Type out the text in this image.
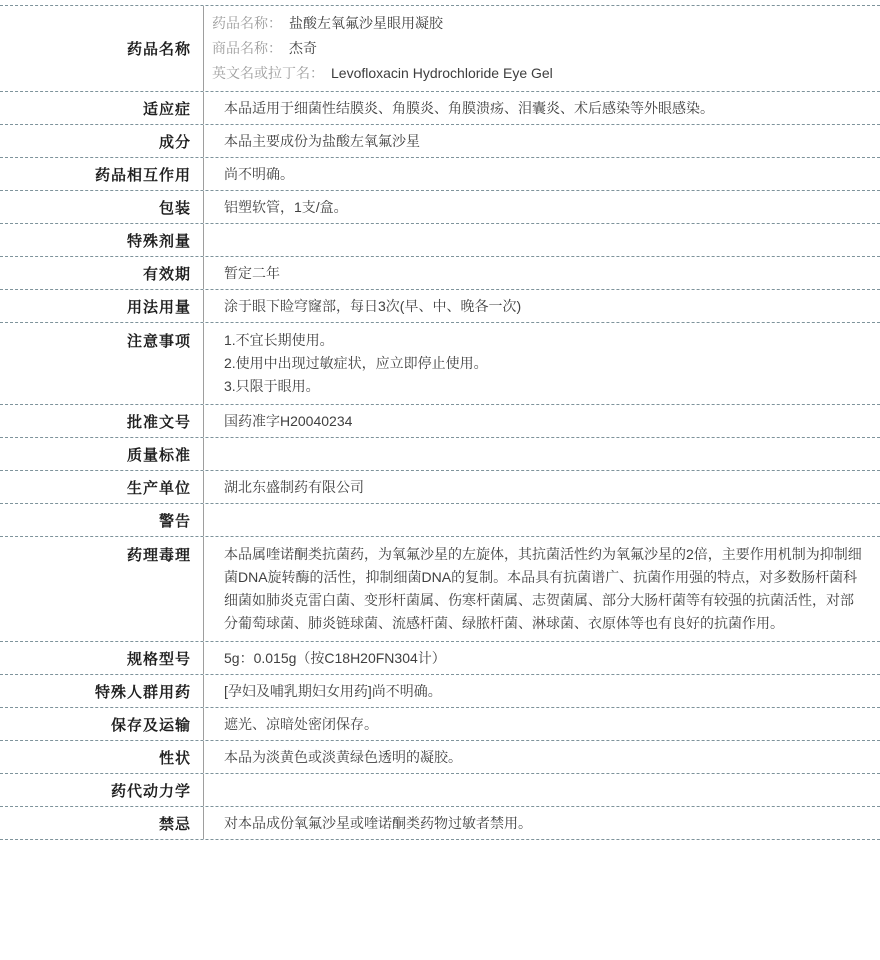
药品名称
药品名称： 盐酸左氧氟沙星眼用凝胶
商品名称： 杰奇
英文名或拉丁名： Levofloxacin Hydrochloride Eye Gel
适应症	本品适用于细菌性结膜炎、角膜炎、角膜溃疡、泪囊炎、术后感染等外眼感染。
成分	本品主要成份为盐酸左氧氟沙星
药品相互作用	尚不明确。
包装	铝塑软管，1支/盒。
特殊剂量
有效期	暂定二年
用法用量	涂于眼下睑穹窿部，每日3次(早、中、晚各一次)
注意事项	1.不宜长期使用。
2.使用中出现过敏症状，应立即停止使用。
3.只限于眼用。
批准文号	国药准字H20040234
质量标准
生产单位	湖北东盛制药有限公司
警告
药理毒理	本品属喹诺酮类抗菌药，为氧氟沙星的左旋体，其抗菌活性约为氧氟沙星的2倍，主要作用机制为抑制细菌DNA旋转酶的活性，抑制细菌DNA的复制。本品具有抗菌谱广、抗菌作用强的特点，对多数肠杆菌科细菌如肺炎克雷白菌、变形杆菌属、伤寒杆菌属、志贺菌属、部分大肠杆菌等有较强的抗菌活性，对部分葡萄球菌、肺炎链球菌、流感杆菌、绿脓杆菌、淋球菌、衣原体等也有良好的抗菌作用。
规格型号	5g：0.015g（按C18H20FN304计）
特殊人群用药	[孕妇及哺乳期妇女用药]尚不明确。
保存及运输	遮光、凉暗处密闭保存。
性状	本品为淡黄色或淡黄绿色透明的凝胶。
药代动力学
禁忌	对本品成份氧氟沙星或喹诺酮类药物过敏者禁用。
